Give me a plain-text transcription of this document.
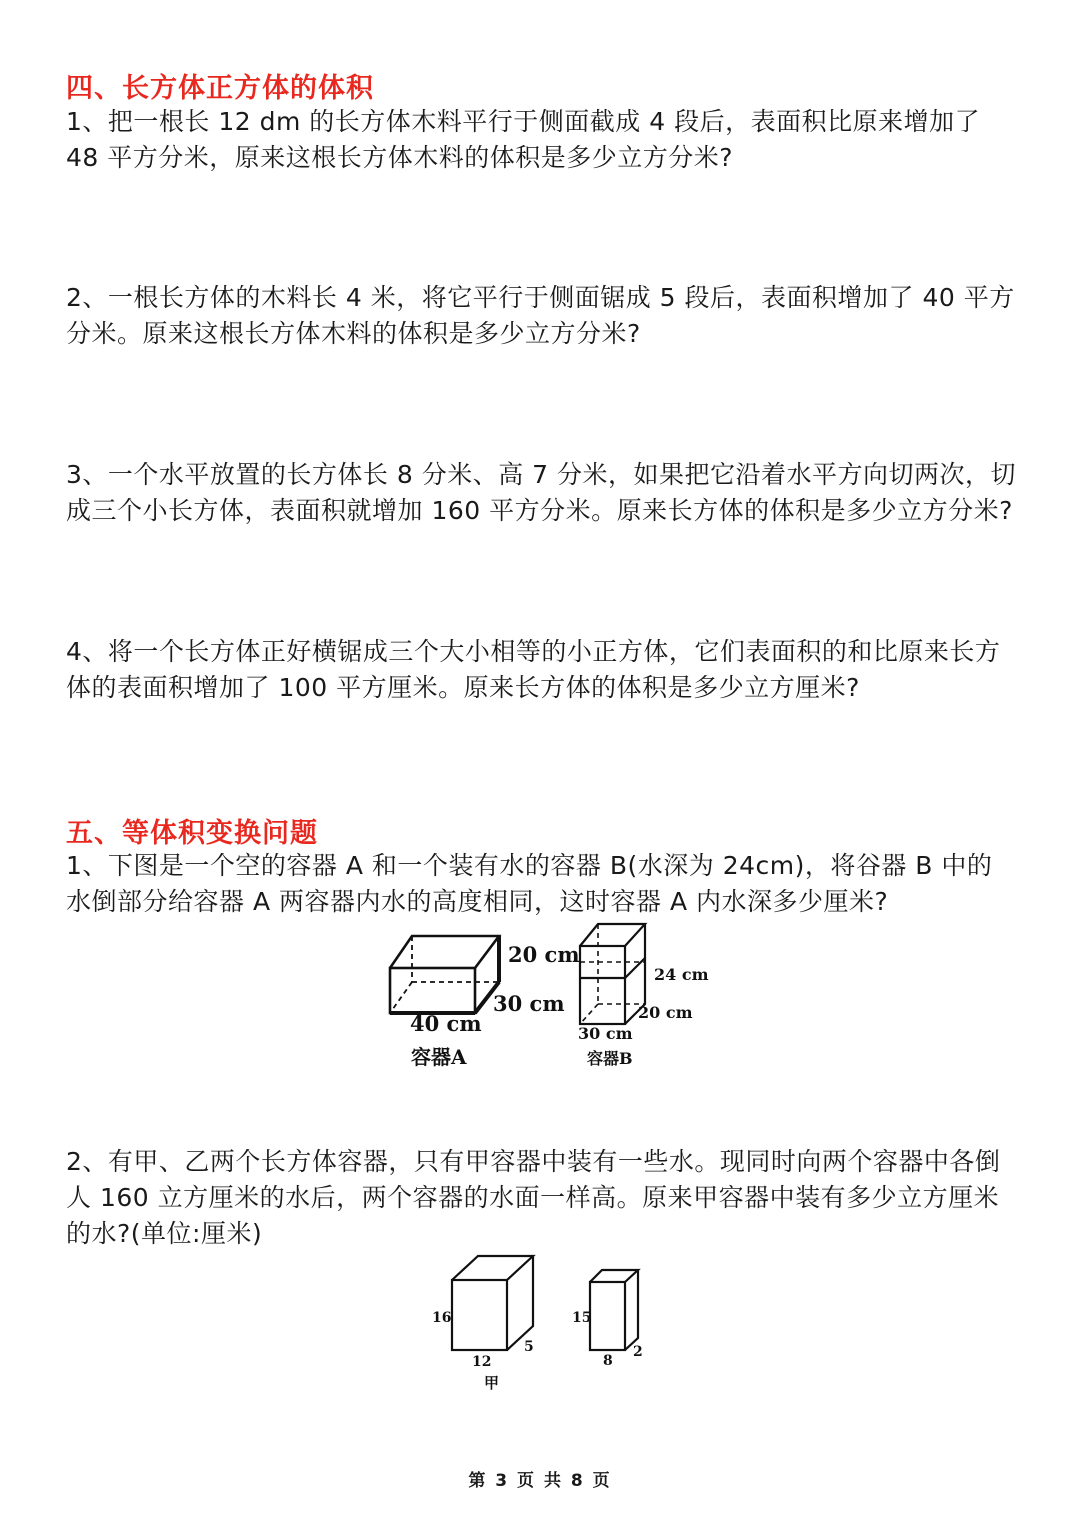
四、长方体正方体的体积

1、把一根长 12 dm 的长方体木料平行于侧面截成 4 段后，表面积比原来增加了 48 平方分米，原来这根长方体木料的体积是多少立方分米?

2、一根长方体的木料长 4 米，将它平行于侧面锯成 5 段后，表面积增加了 40 平方分米。原来这根长方体木料的体积是多少立方分米?

3、一个水平放置的长方体长 8 分米、高 7 分米，如果把它沿着水平方向切两次，切成三个小长方体，表面积就增加 160 平方分米。原来长方体的体积是多少立方分米?

4、将一个长方体正好横锯成三个大小相等的小正方体，它们表面积的和比原来长方体的表面积增加了 100 平方厘米。原来长方体的体积是多少立方厘米?

五、等体积变换问题

1、下图是一个空的容器 A 和一个装有水的容器 B(水深为 24cm)，将谷器 B 中的水倒部分给容器 A 两容器内水的高度相同，这时容器 A 内水深多少厘米?

20 cm
30 cm
40 cm
容器A
24 cm
20 cm
30 cm
容器B

2、有甲、乙两个长方体容器，只有甲容器中装有一些水。现同时向两个容器中各倒人 160 立方厘米的水后，两个容器的水面一样高。原来甲容器中装有多少立方厘米的水?(单位:厘米)

16
12
5
甲
15
8
2
第 3 页 共 8 页
